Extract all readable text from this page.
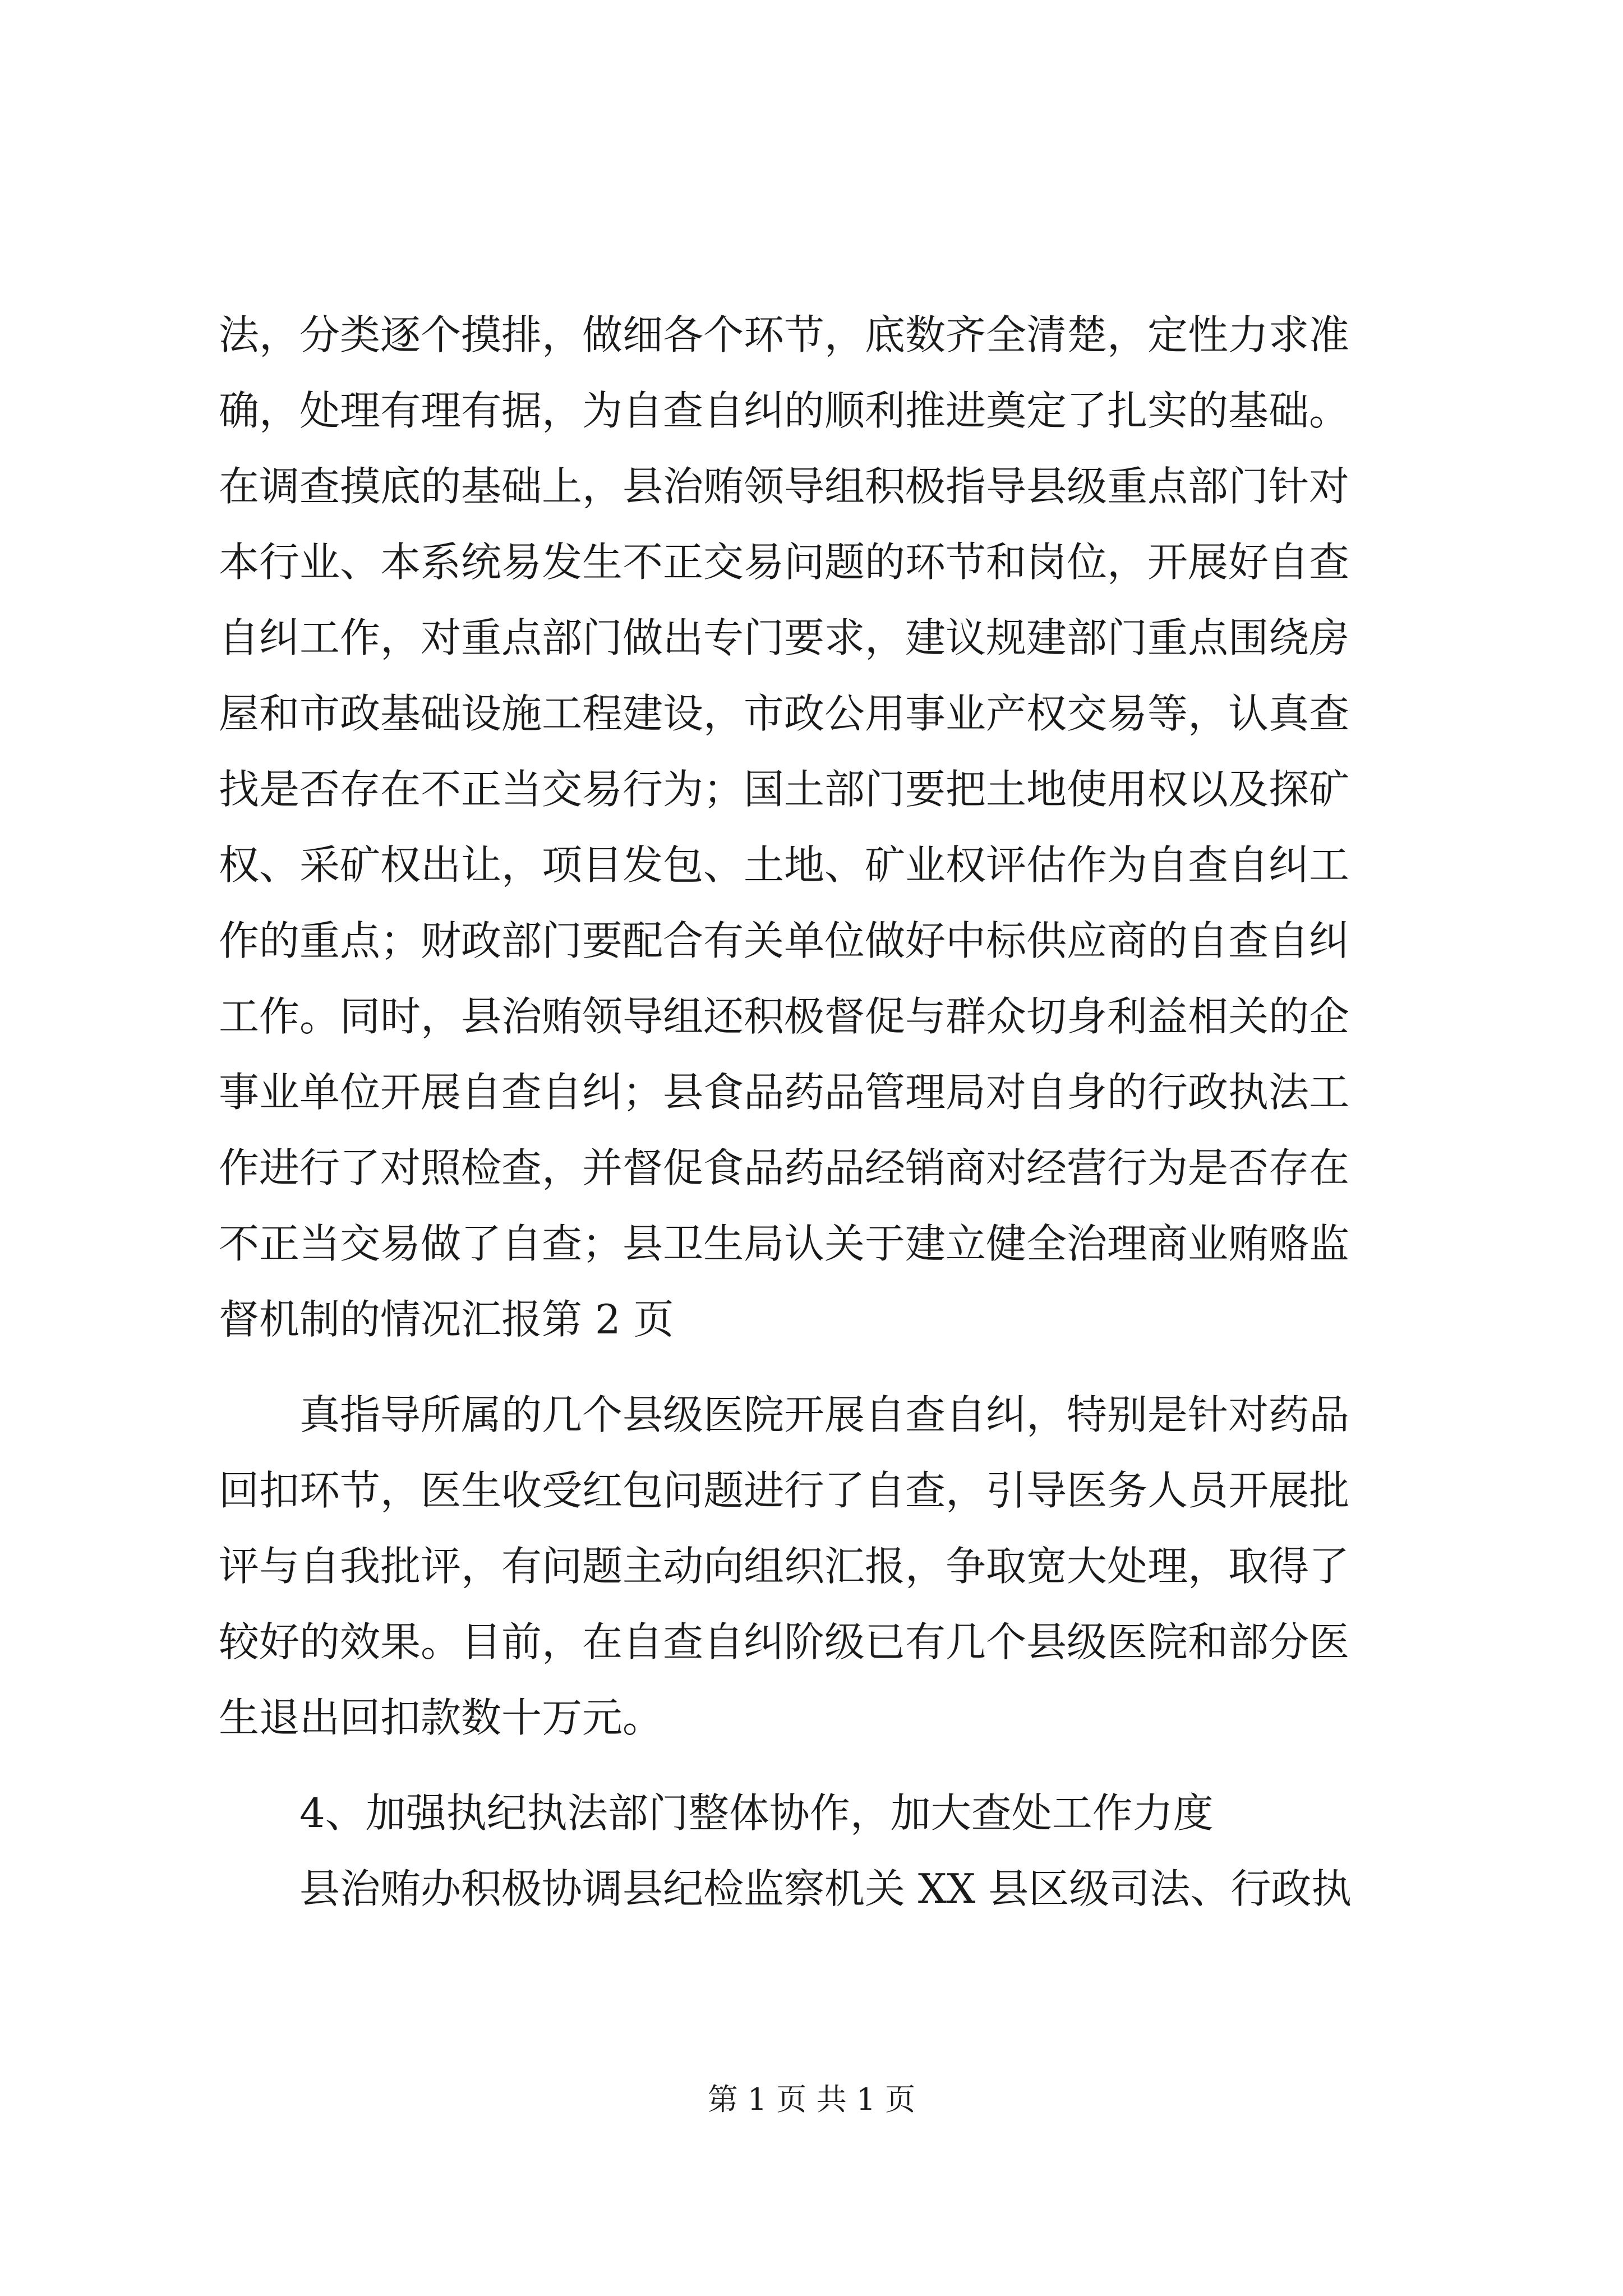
法，分类逐个摸排，做细各个环节，底数齐全清楚，定性力求准
确，处理有理有据，为自查自纠的顺利推进奠定了扎实的基础。
在调查摸底的基础上，县治贿领导组积极指导县级重点部门针对
本行业、本系统易发生不正交易问题的环节和岗位，开展好自查
自纠工作，对重点部门做出专门要求，建议规建部门重点围绕房
屋和市政基础设施工程建设，市政公用事业产权交易等，认真查
找是否存在不正当交易行为；国土部门要把土地使用权以及探矿
权、采矿权出让，项目发包、土地、矿业权评估作为自查自纠工
作的重点；财政部门要配合有关单位做好中标供应商的自查自纠
工作。同时，县治贿领导组还积极督促与群众切身利益相关的企
事业单位开展自查自纠；县食品药品管理局对自身的行政执法工
作进行了对照检查，并督促食品药品经销商对经营行为是否存在
不正当交易做了自查；县卫生局认关于建立健全治理商业贿赂监
督机制的情况汇报第 2 页
真指导所属的几个县级医院开展自查自纠，特别是针对药品
回扣环节，医生收受红包问题进行了自查，引导医务人员开展批
评与自我批评，有问题主动向组织汇报，争取宽大处理，取得了
较好的效果。目前，在自查自纠阶级已有几个县级医院和部分医
生退出回扣款数十万元。
4、加强执纪执法部门整体协作，加大查处工作力度
县治贿办积极协调县纪检监察机关 XX 县区级司法、行政执
第 1 页 共 1 页
